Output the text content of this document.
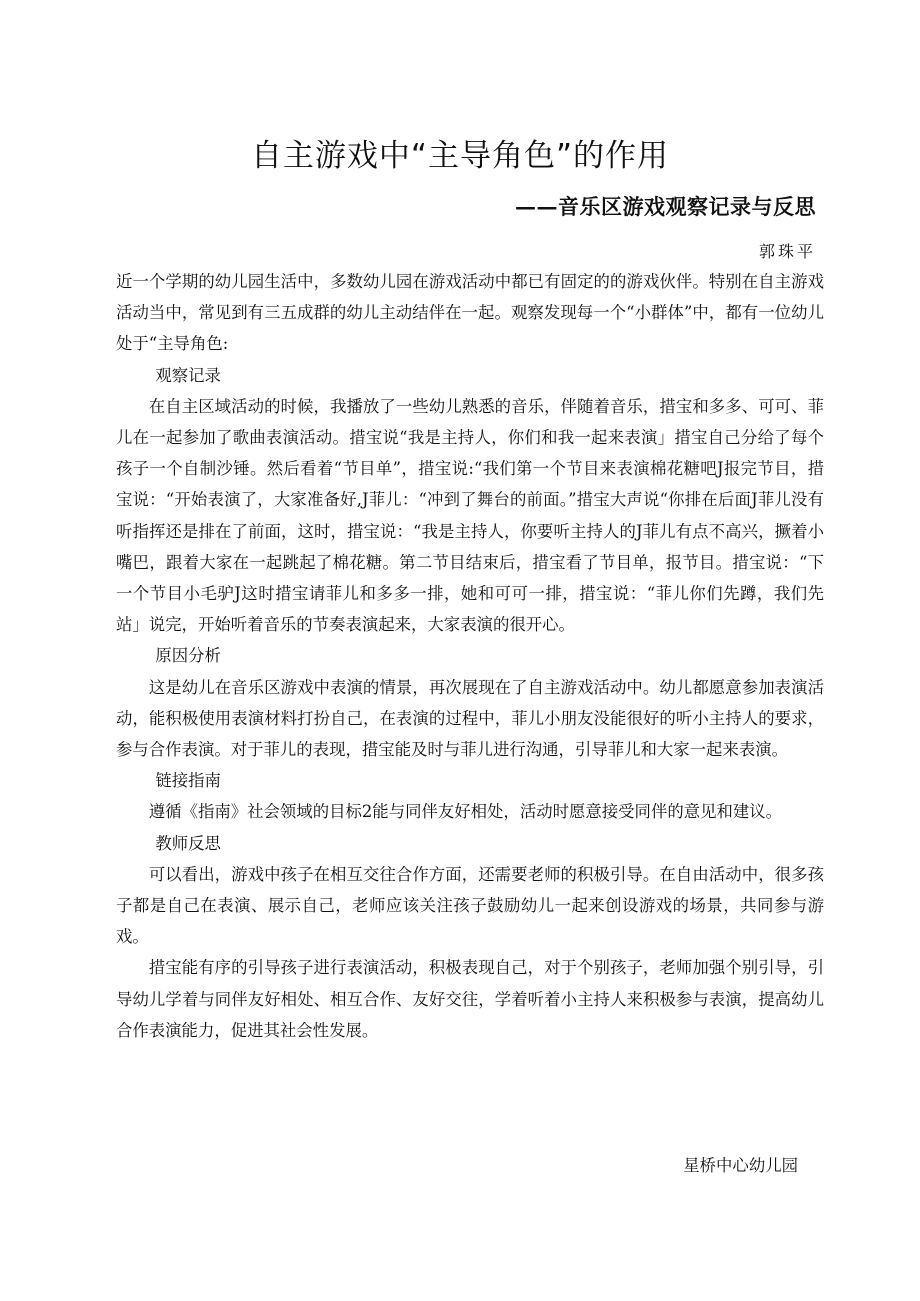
自主游戏中“主导角色”的作用
——音乐区游戏观察记录与反思
郭珠平

近一个学期的幼儿园生活中，多数幼儿园在游戏活动中都已有固定的的游戏伙伴。特别在自主游戏活动当中，常见到有三五成群的幼儿主动结伴在一起。观察发现每一个“小群体”中，都有一位幼儿处于“主导角色:

观察记录

在自主区域活动的时候，我播放了一些幼儿熟悉的音乐，伴随着音乐，措宝和多多、可可、菲儿在一起参加了歌曲表演活动。措宝说“我是主持人，你们和我一起来表演」措宝自己分给了每个孩子一个自制沙锤。然后看着“节目单”，措宝说:“我们第一个节目来表演棉花糖吧J报完节目，措宝说：“开始表演了，大家准备好,J菲儿：“冲到了舞台的前面。”措宝大声说“你排在后面J菲儿没有听指挥还是排在了前面，这时，措宝说：“我是主持人，你要听主持人的J菲儿有点不高兴，撅着小嘴巴，跟着大家在一起跳起了棉花糖。第二节目结束后，措宝看了节目单，报节目。措宝说：“下一个节目小毛驴J这时措宝请菲儿和多多一排，她和可可一排，措宝说：“菲儿你们先蹲，我们先站」说完，开始听着音乐的节奏表演起来，大家表演的很开心。

原因分析

这是幼儿在音乐区游戏中表演的情景，再次展现在了自主游戏活动中。幼儿都愿意参加表演活动，能积极使用表演材料打扮自己，在表演的过程中，菲儿小朋友没能很好的听小主持人的要求，参与合作表演。对于菲儿的表现，措宝能及时与菲儿进行沟通，引导菲儿和大家一起来表演。

链接指南

遵循《指南》社会领域的目标2能与同伴友好相处，活动时愿意接受同伴的意见和建议。

教师反思

可以看出，游戏中孩子在相互交往合作方面，还需要老师的积极引导。在自由活动中，很多孩子都是自己在表演、展示自己，老师应该关注孩子鼓励幼儿一起来创设游戏的场景，共同参与游戏。

措宝能有序的引导孩子进行表演活动，积极表现自己，对于个别孩子，老师加强个别引导，引导幼儿学着与同伴友好相处、相互合作、友好交往，学着听着小主持人来积极参与表演，提高幼儿合作表演能力，促进其社会性发展。

星桥中心幼儿园
